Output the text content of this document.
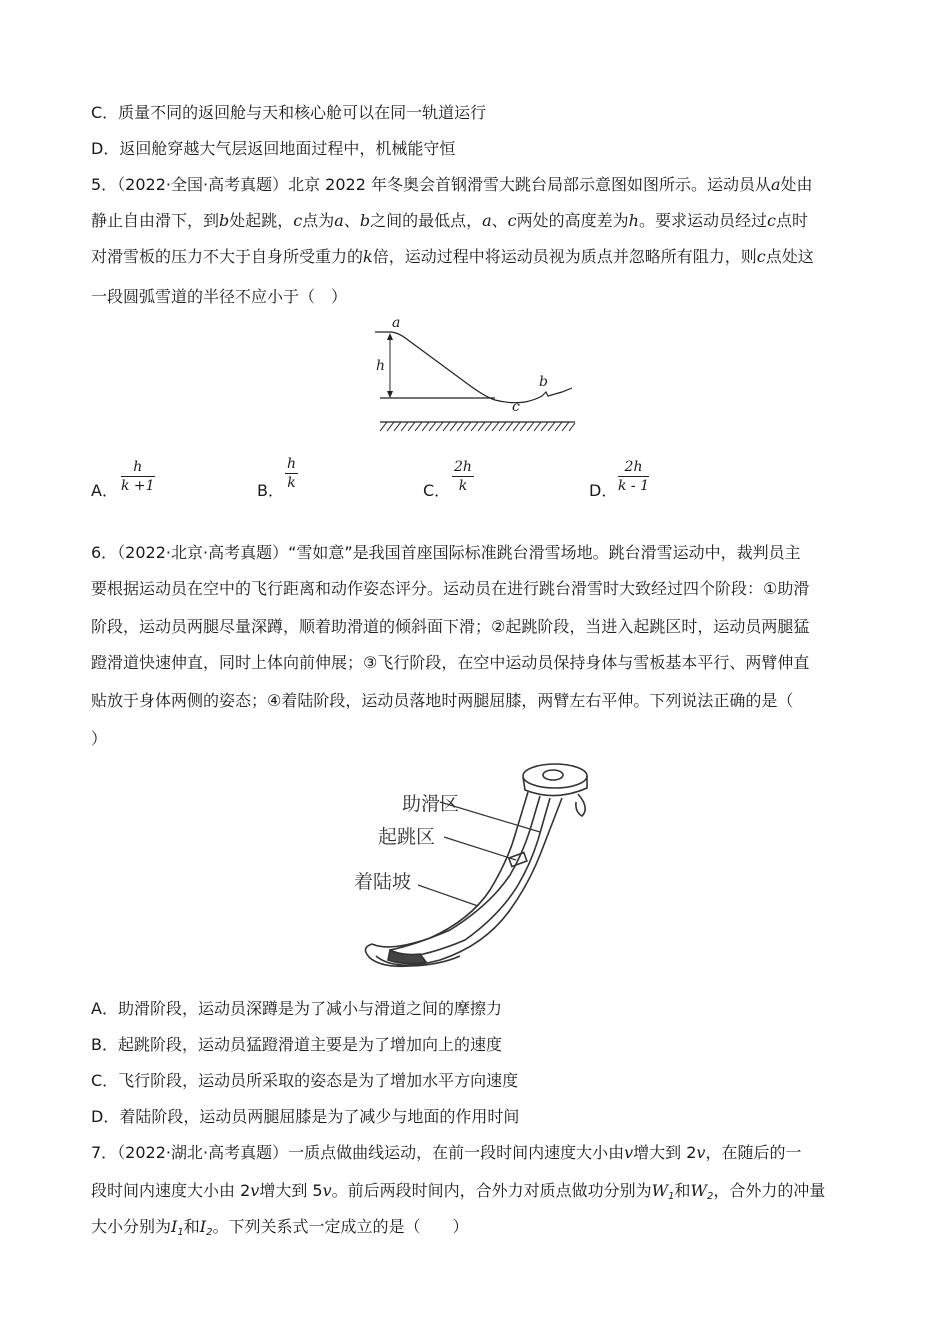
C．质量不同的返回舱与天和核心舱可以在同一轨道运行
D．返回舱穿越大气层返回地面过程中，机械能守恒
5．（2022·全国·高考真题）北京 2022 年冬奥会首钢滑雪大跳台局部示意图如图所示。运动员从a处由
静止自由滑下，到b处起跳，c点为a、b之间的最低点，a、c两处的高度差为h。要求运动员经过c点时
对滑雪板的压力不大于自身所受重力的k倍，运动过程中将运动员视为质点并忽略所有阻力，则c点处这
一段圆弧雪道的半径不应小于（　）
a
h
b
c
A． $\frac{h}{k +1}$	B． $\frac{h}{k}$	C． $\frac{2h}{k}$	D． $\frac{2h}{k - 1}$
6．（2022·北京·高考真题）“雪如意”是我国首座国际标准跳台滑雪场地。跳台滑雪运动中，裁判员主
要根据运动员在空中的飞行距离和动作姿态评分。运动员在进行跳台滑雪时大致经过四个阶段：①助滑
阶段，运动员两腿尽量深蹲，顺着助滑道的倾斜面下滑；②起跳阶段，当进入起跳区时，运动员两腿猛
蹬滑道快速伸直，同时上体向前伸展；③飞行阶段，在空中运动员保持身体与雪板基本平行、两臂伸直
贴放于身体两侧的姿态；④着陆阶段，运动员落地时两腿屈膝，两臂左右平伸。下列说法正确的是（
）
助滑区
起跳区
着陆坡
A．助滑阶段，运动员深蹲是为了减小与滑道之间的摩擦力
B．起跳阶段，运动员猛蹬滑道主要是为了增加向上的速度
C．飞行阶段，运动员所采取的姿态是为了增加水平方向速度
D．着陆阶段，运动员两腿屈膝是为了减少与地面的作用时间
7．（2022·湖北·高考真题）一质点做曲线运动，在前一段时间内速度大小由v增大到 2v，在随后的一
段时间内速度大小由 2v增大到 5v。前后两段时间内，合外力对质点做功分别为$W_1$和$W_2$，合外力的冲量
大小分别为$I_1$和$I_2$。下列关系式一定成立的是（　　）
